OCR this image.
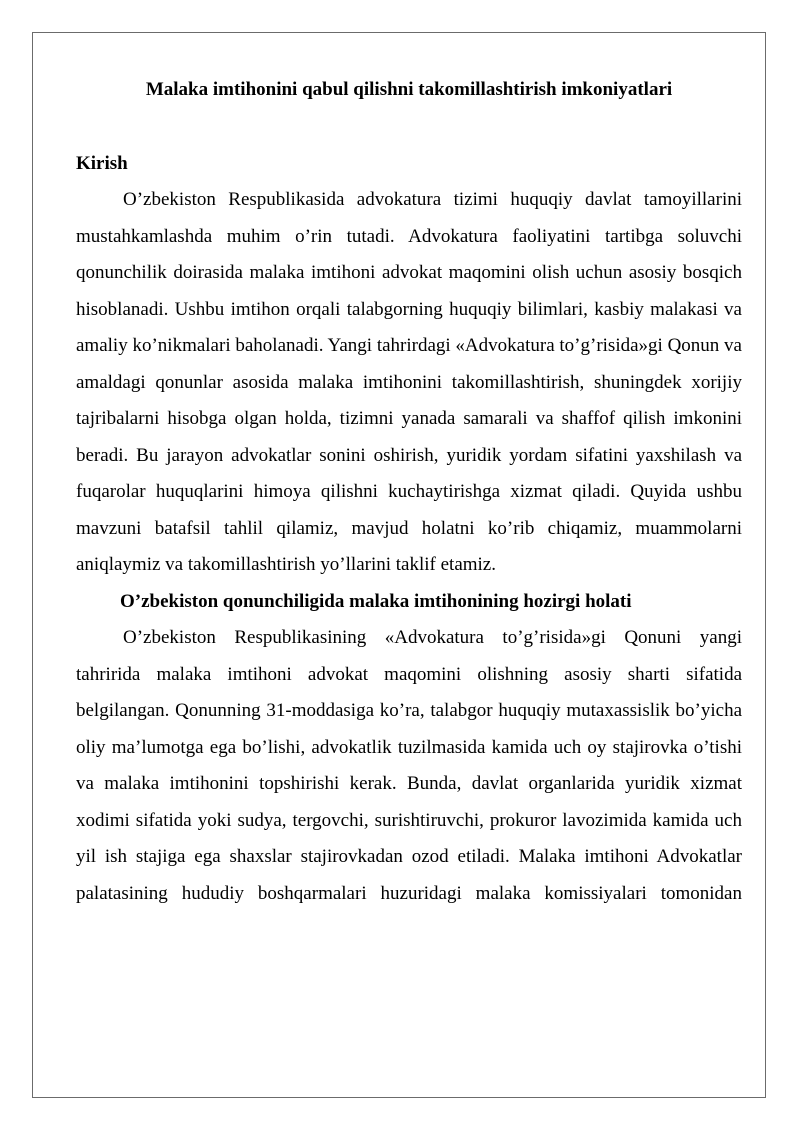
Malaka imtihonini qabul qilishni takomillashtirish imkoniyatlari
Kirish

O’zbekiston Respublikasida advokatura tizimi huquqiy davlat tamoyillarini mustahkamlashda muhim o’rin tutadi. Advokatura faoliyatini tartibga soluvchi qonunchilik doirasida malaka imtihoni advokat maqomini olish uchun asosiy bosqich hisoblanadi. Ushbu imtihon orqali talabgorning huquqiy bilimlari, kasbiy malakasi va amaliy ko’nikmalari baholanadi. Yangi tahrirdagi «Advokatura to’g’risida»gi Qonun va amaldagi qonunlar asosida malaka imtihonini takomillashtirish, shuningdek xorijiy tajribalarni hisobga olgan holda, tizimni yanada samarali va shaffof qilish imkonini beradi. Bu jarayon advokatlar sonini oshirish, yuridik yordam sifatini yaxshilash va fuqarolar huquqlarini himoya qilishni kuchaytirishga xizmat qiladi. Quyida ushbu mavzuni batafsil tahlil qilamiz, mavjud holatni ko’rib chiqamiz, muammolarni aniqlaymiz va takomillashtirish yo’llarini taklif etamiz.

O’zbekiston qonunchiligida malaka imtihonining hozirgi holati

O’zbekiston Respublikasining «Advokatura to’g’risida»gi Qonuni yangi tahririda malaka imtihoni advokat maqomini olishning asosiy sharti sifatida belgilangan. Qonunning 31-moddasiga ko’ra, talabgor huquqiy mutaxassislik bo’yicha oliy ma’lumotga ega bo’lishi, advokatlik tuzilmasida kamida uch oy stajirovka o’tishi va malaka imtihonini topshirishi kerak. Bunda, davlat organlarida yuridik xizmat xodimi sifatida yoki sudya, tergovchi, surishtiruvchi, prokuror lavozimida kamida uch yil ish stajiga ega shaxslar stajirovkadan ozod etiladi. Malaka imtihoni Advokatlar palatasining hududiy boshqarmalari huzuridagi malaka komissiyalari tomonidan
